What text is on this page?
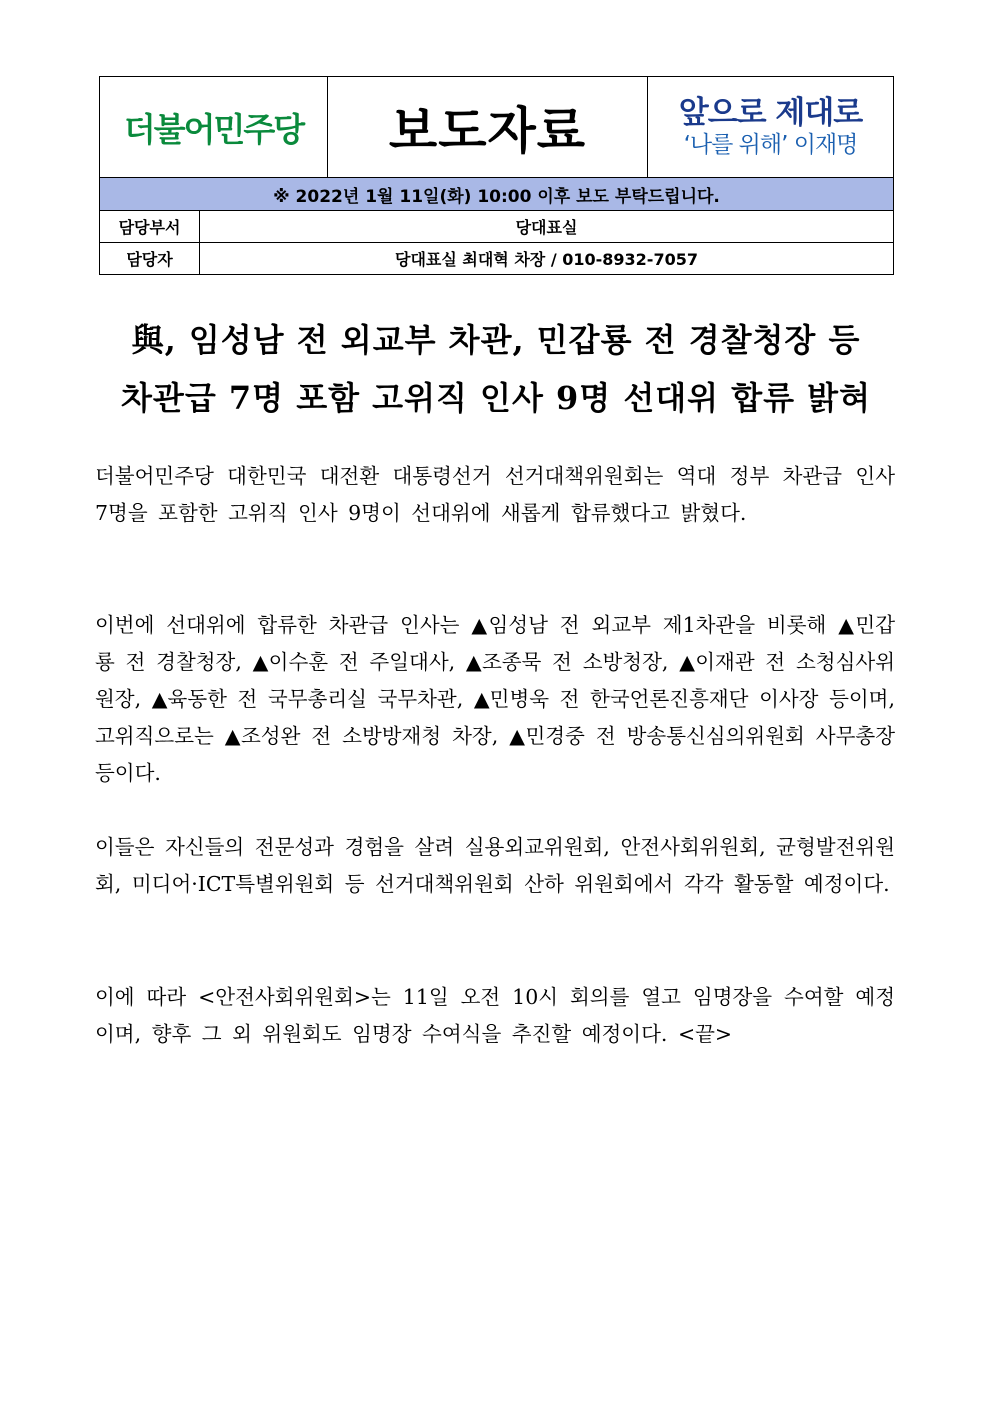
더불어민주당		보도자료	앞으로 제대로
‘나를 위해’ 이재명

※ 2022년 1월 11일(화) 10:00 이후 보도 부탁드립니다.			
담당부서	당대표실		
담당자	당대표실 최대혁 차장 / 010-8932-7057		
與, 임성남 전 외교부 차관, 민갑룡 전 경찰청장 등
차관급 7명 포함 고위직 인사 9명 선대위 합류 밝혀
더불어민주당 대한민국 대전환 대통령선거 선거대책위원회는 역대 정부 차관급 인사 7명을 포함한 고위직 인사 9명이 선대위에 새롭게 합류했다고 밝혔다.
이번에 선대위에 합류한 차관급 인사는 ▲임성남 전 외교부 제1차관을 비롯해 ▲민갑룡 전 경찰청장, ▲이수훈 전 주일대사, ▲조종묵 전 소방청장, ▲이재관 전 소청심사위원장, ▲육동한 전 국무총리실 국무차관, ▲민병욱 전 한국언론진흥재단 이사장 등이며, 고위직으로는 ▲조성완 전 소방방재청 차장, ▲민경중 전 방송통신심의위원회 사무총장 등이다.
이들은 자신들의 전문성과 경험을 살려 실용외교위원회, 안전사회위원회, 균형발전위원회, 미디어·ICT특별위원회 등 선거대책위원회 산하 위원회에서 각각 활동할 예정이다.
이에 따라 <안전사회위원회>는 11일 오전 10시 회의를 열고 임명장을 수여할 예정이며, 향후 그 외 위원회도 임명장 수여식을 추진할 예정이다. <끝>
